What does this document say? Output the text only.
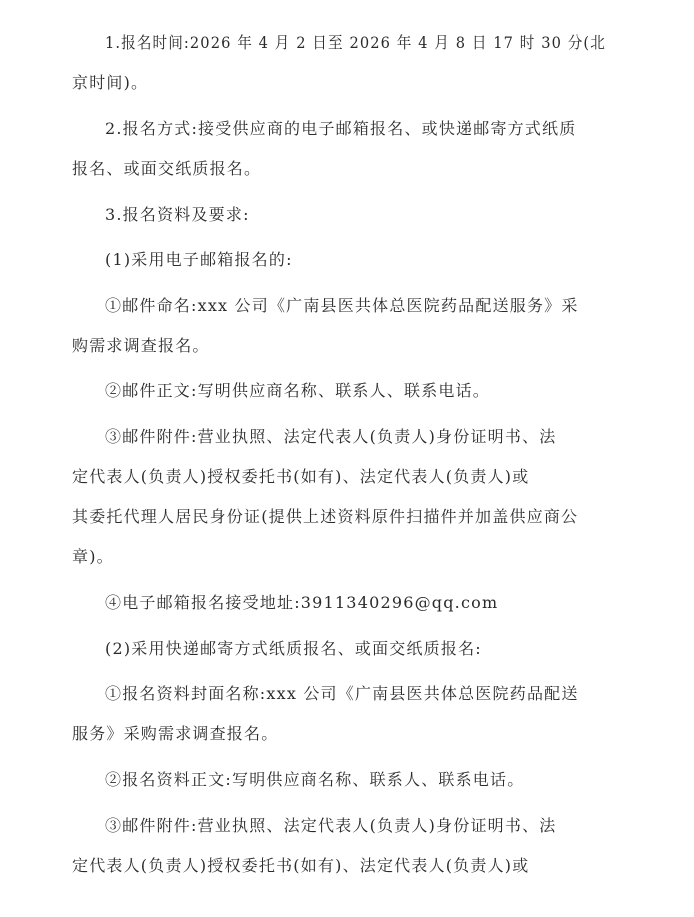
1.报名时间:2026 年 4 月 2 日至 2026 年 4 月 8 日 17 时 30 分(北
京时间)。
2.报名方式:接受供应商的电子邮箱报名、或快递邮寄方式纸质
报名、或面交纸质报名。
3.报名资料及要求:
(1)采用电子邮箱报名的:
①邮件命名:xxx 公司《广南县医共体总医院药品配送服务》采
购需求调查报名。
②邮件正文:写明供应商名称、联系人、联系电话。
③邮件附件:营业执照、法定代表人(负责人)身份证明书、法
定代表人(负责人)授权委托书(如有)、法定代表人(负责人)或
其委托代理人居民身份证(提供上述资料原件扫描件并加盖供应商公
章)。
④电子邮箱报名接受地址:3911340296@qq.com
(2)采用快递邮寄方式纸质报名、或面交纸质报名:
①报名资料封面名称:xxx 公司《广南县医共体总医院药品配送
服务》采购需求调查报名。
②报名资料正文:写明供应商名称、联系人、联系电话。
③邮件附件:营业执照、法定代表人(负责人)身份证明书、法
定代表人(负责人)授权委托书(如有)、法定代表人(负责人)或
